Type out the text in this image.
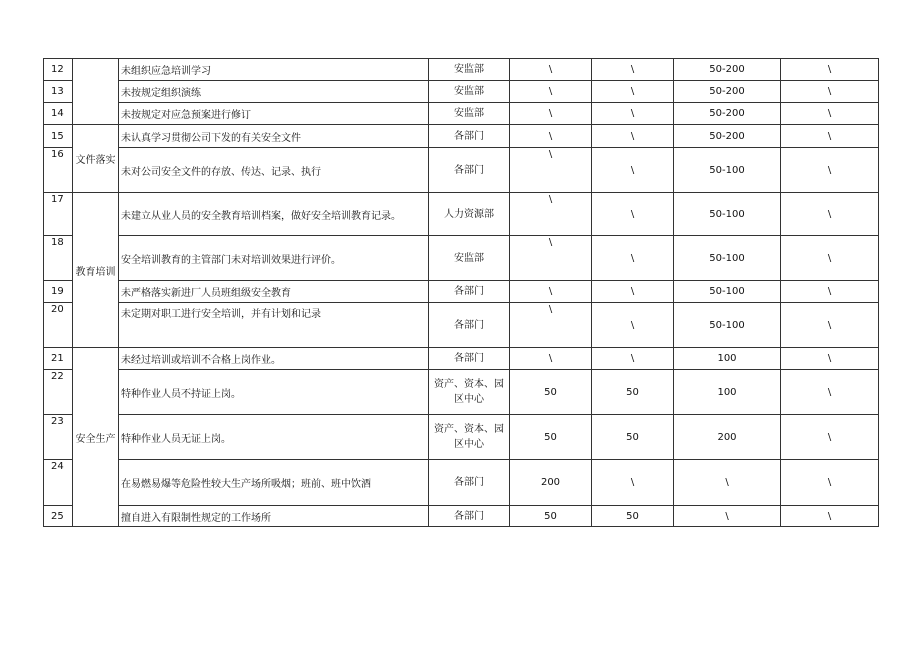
12		未组织应急培训学习	安监部	\	\	50-200	\
13		未按规定组织演练	安监部	\	\	50-200	\
14		未按规定对应急预案进行修订	安监部	\	\	50-200	\
15	文件落实	未认真学习贯彻公司下发的有关安全文件	各部门	\	\	50-200	\
16		未对公司安全文件的存放、传达、记录、执行	各部门	\	\	50-100	\
17	教育培训	未建立从业人员的安全教育培训档案，做好安全培训教育记录。	人力资源部	\	\	50-100	\
18		安全培训教育的主管部门未对培训效果进行评价。	安监部	\	\	50-100	\
19		未严格落实新进厂人员班组级安全教育	各部门	\	\	50-100	\
20		未定期对职工进行安全培训，并有计划和记录	各部门	\	\	50-100	\
21	安全生产	未经过培训或培训不合格上岗作业。	各部门	\	\	100	\
22		特种作业人员不持证上岗。	资产、资本、园
区中心	50	50	100	\
23		特种作业人员无证上岗。	资产、资本、园
区中心	50	50	200	\
24		在易燃易爆等危险性较大生产场所吸烟；班前、班中饮酒	各部门	200	\	\	\
25		擅自进入有限制性规定的工作场所	各部门	50	50	\	\
